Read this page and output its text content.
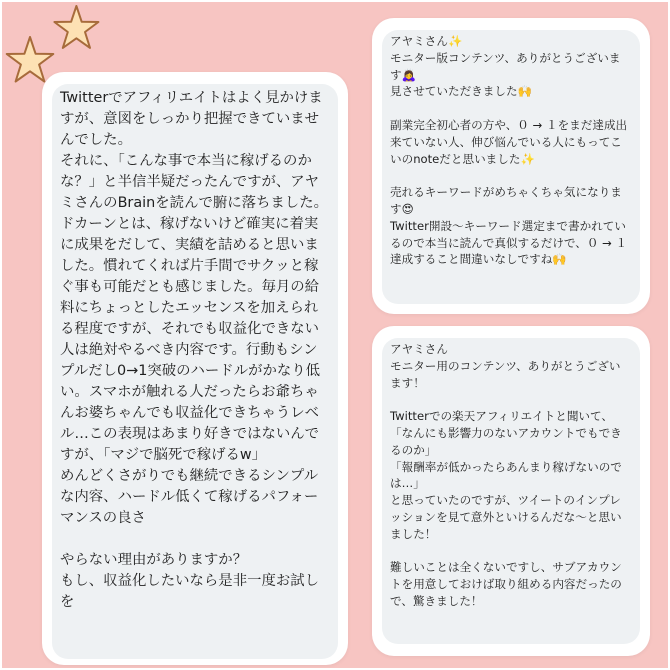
Twitterでアフィリエイトはよく見かけますが、意図をしっかり把握できていませんでした。
それに、「こんな事で本当に稼げるのかな？」と半信半疑だったんですが、アヤミさんのBrainを読んで腑に落ちました。
ドカーンとは、稼げないけど確実に着実に成果をだして、実績を詰めると思いました。慣れてくれば片手間でサクッと稼ぐ事も可能だとも感じました。毎月の給料にちょっとしたエッセンスを加えられる程度ですが、それでも収益化できない人は絶対やるべき内容です。行動もシンプルだし0→1突破のハードルがかなり低い。スマホが触れる人だったらお爺ちゃんお婆ちゃんでも収益化できちゃうレベル…この表現はあまり好きではないんですが、「マジで脳死で稼げるw」
めんどくさがりでも継続できるシンプルな内容、ハードル低くて稼げるパフォーマンスの良さ

やらない理由がありますか？
もし、収益化したいなら是非一度お試しを
アヤミさん✨
モニター版コンテンツ、ありがとうございます🙇‍♀️
見させていただきました🙌

副業完全初心者の方や、０ → １をまだ達成出来ていない人、伸び悩んでいる人にもってこいのnoteだと思いました✨

売れるキーワードがめちゃくちゃ気になります😍
Twitter開設〜キーワード選定まで書かれているので本当に読んで真似するだけで、０ → １達成すること間違いなしですね🙌
アヤミさん
モニター用のコンテンツ、ありがとうございます！

Twitterでの楽天アフィリエイトと聞いて、
「なんにも影響力のないアカウントでもできるのか」
「報酬率が低かったらあんまり稼げないのでは…」
と思っていたのですが、ツイートのインプレッションを見て意外といけるんだな〜と思いました！

難しいことは全くないですし、サブアカウントを用意しておけば取り組める内容だったので、驚きました！
